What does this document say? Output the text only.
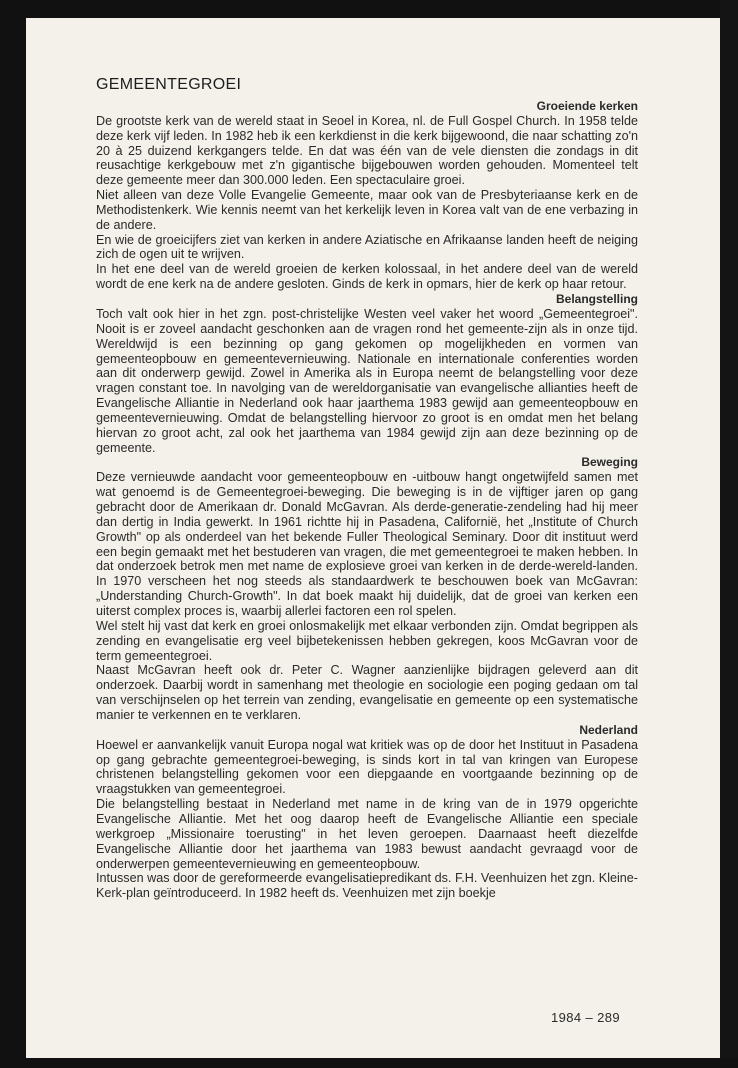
GEMEENTEGROEI
Groeiende kerken

De grootste kerk van de wereld staat in Seoel in Korea, nl. de Full Gospel Church. In 1958 telde deze kerk vijf leden. In 1982 heb ik een kerkdienst in die kerk bijgewoond, die naar schatting zo'n 20 à 25 duizend kerkgangers telde. En dat was één van de vele diensten die zondags in dit reusachtige kerkgebouw met z'n gigantische bijgebouwen worden gehouden. Momenteel telt deze gemeente meer dan 300.000 leden. Een spectaculaire groei.

Niet alleen van deze Volle Evangelie Gemeente, maar ook van de Presbyteriaanse kerk en de Methodistenkerk. Wie kennis neemt van het kerkelijk leven in Korea valt van de ene verbazing in de andere.

En wie de groeicijfers ziet van kerken in andere Aziatische en Afrikaanse landen heeft de neiging zich de ogen uit te wrijven.

In het ene deel van de wereld groeien de kerken kolossaal, in het andere deel van de wereld wordt de ene kerk na de andere gesloten. Ginds de kerk in opmars, hier de kerk op haar retour.

Belangstelling

Toch valt ook hier in het zgn. post-christelijke Westen veel vaker het woord „Gemeentegroei". Nooit is er zoveel aandacht geschonken aan de vragen rond het gemeente-zijn als in onze tijd. Wereldwijd is een bezinning op gang gekomen op mogelijkheden en vormen van gemeenteopbouw en gemeentevernieuwing. Nationale en internationale conferenties worden aan dit onderwerp gewijd. Zowel in Amerika als in Europa neemt de belangstelling voor deze vragen constant toe. In navolging van de wereldorganisatie van evangelische allianties heeft de Evangelische Alliantie in Nederland ook haar jaarthema 1983 gewijd aan gemeenteopbouw en gemeentevernieuwing. Omdat de belangstelling hiervoor zo groot is en omdat men het belang hiervan zo groot acht, zal ook het jaarthema van 1984 gewijd zijn aan deze bezinning op de gemeente.

Beweging

Deze vernieuwde aandacht voor gemeenteopbouw en -uitbouw hangt ongetwijfeld samen met wat genoemd is de Gemeentegroei-beweging. Die beweging is in de vijftiger jaren op gang gebracht door de Amerikaan dr. Donald McGavran. Als derde-generatie-zendeling had hij meer dan dertig in India gewerkt. In 1961 richtte hij in Pasadena, Californië, het „Institute of Church Growth" op als onderdeel van het bekende Fuller Theological Seminary. Door dit instituut werd een begin gemaakt met het bestuderen van vragen, die met gemeentegroei te maken hebben. In dat onderzoek betrok men met name de explosieve groei van kerken in de derde-wereld-landen. In 1970 verscheen het nog steeds als standaardwerk te beschouwen boek van McGavran: „Understanding Church-Growth". In dat boek maakt hij duidelijk, dat de groei van kerken een uiterst complex proces is, waarbij allerlei factoren een rol spelen.

Wel stelt hij vast dat kerk en groei onlosmakelijk met elkaar verbonden zijn. Omdat begrippen als zending en evangelisatie erg veel bijbetekenissen hebben gekregen, koos McGavran voor de term gemeentegroei.

Naast McGavran heeft ook dr. Peter C. Wagner aanzienlijke bijdragen geleverd aan dit onderzoek. Daarbij wordt in samenhang met theologie en sociologie een poging gedaan om tal van verschijnselen op het terrein van zending, evangelisatie en gemeente op een systematische manier te verkennen en te verklaren.

Nederland

Hoewel er aanvankelijk vanuit Europa nogal wat kritiek was op de door het Instituut in Pasadena op gang gebrachte gemeentegroei-beweging, is sinds kort in tal van kringen van Europese christenen belangstelling gekomen voor een diepgaande en voortgaande bezinning op de vraagstukken van gemeentegroei.

Die belangstelling bestaat in Nederland met name in de kring van de in 1979 opgerichte Evangelische Alliantie. Met het oog daarop heeft de Evangelische Alliantie een speciale werkgroep „Missionaire toerusting" in het leven geroepen. Daarnaast heeft diezelfde Evangelische Alliantie door het jaarthema van 1983 bewust aandacht gevraagd voor de onderwerpen gemeentevernieuwing en gemeenteopbouw.

Intussen was door de gereformeerde evangelisatiepredikant ds. F.H. Veenhuizen het zgn. Kleine-Kerk-plan geïntroduceerd. In 1982 heeft ds. Veenhuizen met zijn boekje

1984 – 289
